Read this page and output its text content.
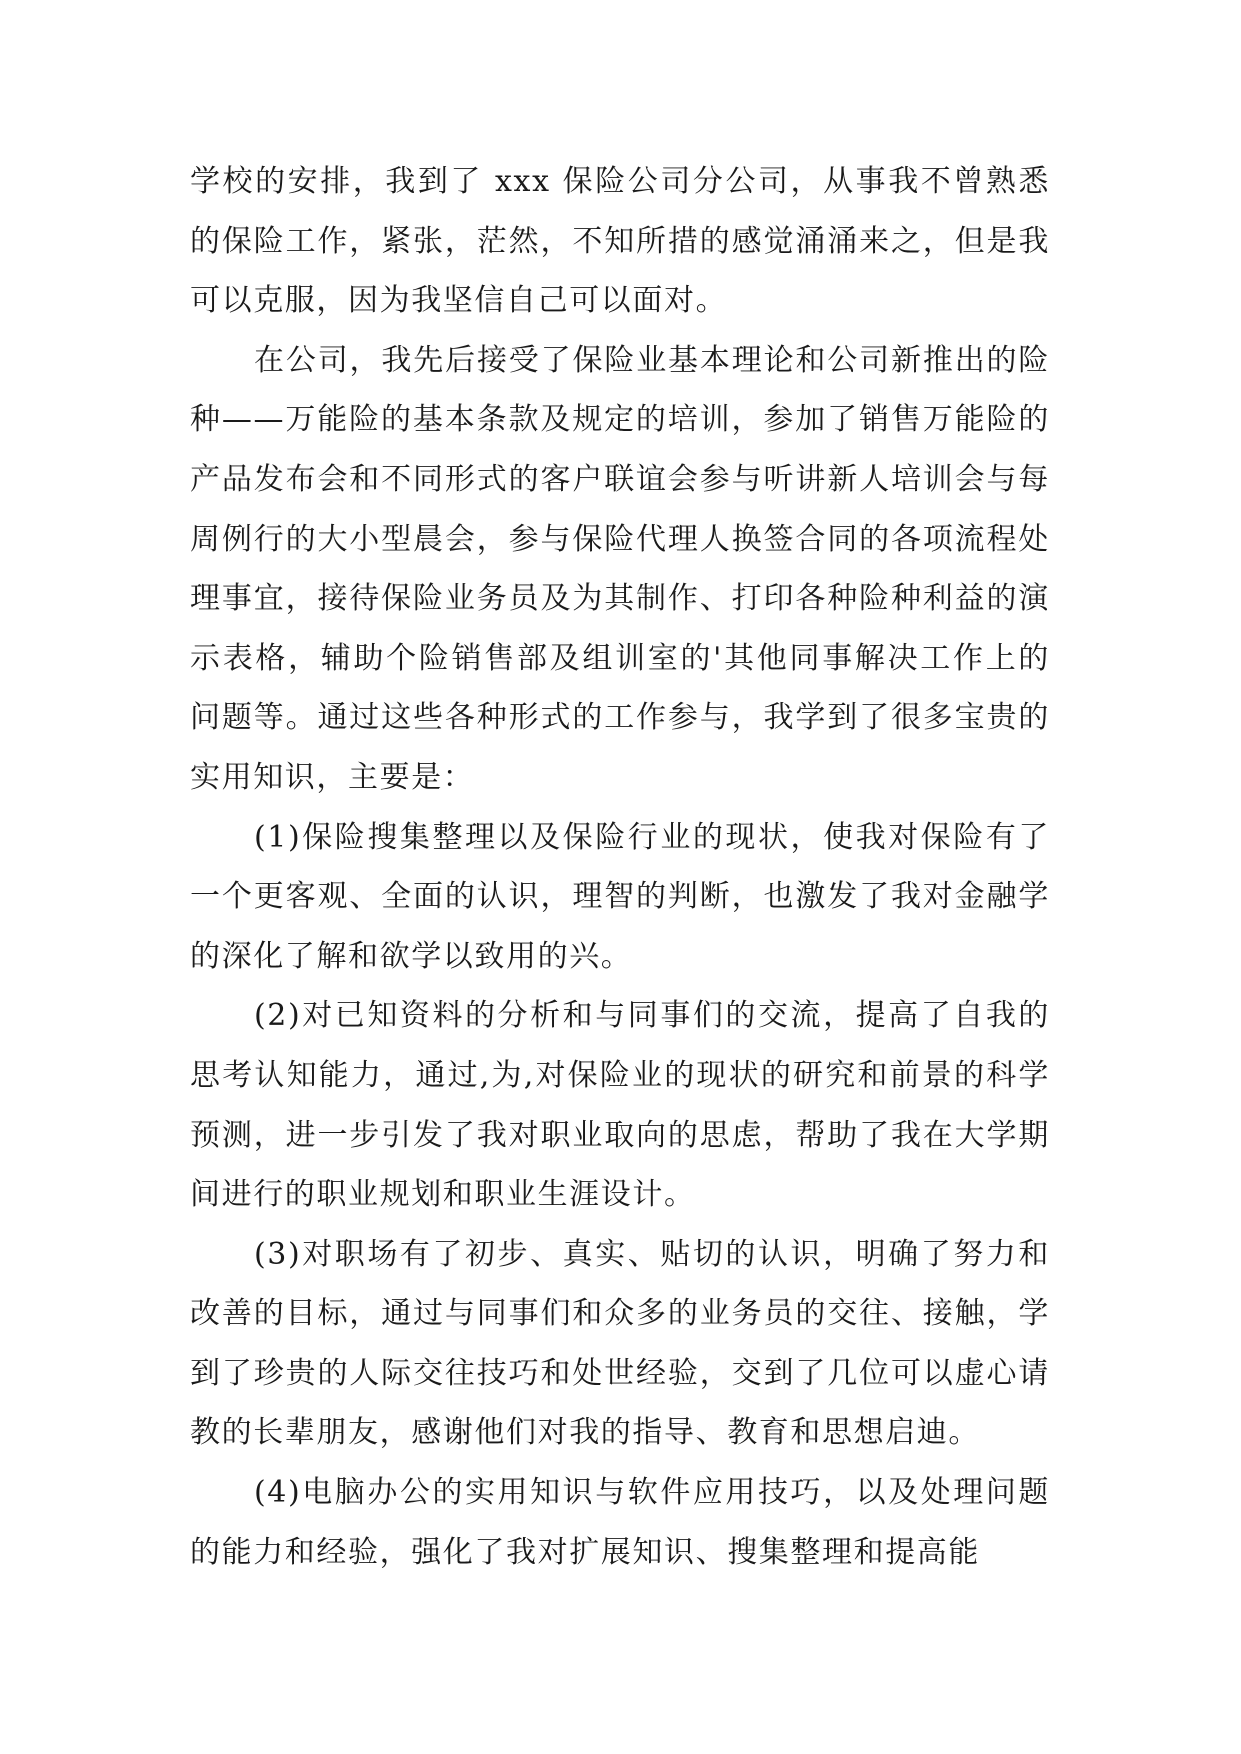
学校的安排，我到了 xxx 保险公司分公司，从事我不曾熟悉的保险工作，紧张，茫然，不知所措的感觉涌涌来之，但是我可以克服，因为我坚信自己可以面对。

在公司，我先后接受了保险业基本理论和公司新推出的险种——万能险的基本条款及规定的培训，参加了销售万能险的产品发布会和不同形式的客户联谊会参与听讲新人培训会与每周例行的大小型晨会，参与保险代理人换签合同的各项流程处理事宜，接待保险业务员及为其制作、打印各种险种利益的演示表格，辅助个险销售部及组训室的'其他同事解决工作上的问题等。通过这些各种形式的工作参与，我学到了很多宝贵的实用知识，主要是：

(1)保险搜集整理以及保险行业的现状，使我对保险有了一个更客观、全面的认识，理智的判断，也激发了我对金融学的深化了解和欲学以致用的兴。

(2)对已知资料的分析和与同事们的交流，提高了自我的思考认知能力，通过,为,对保险业的现状的研究和前景的科学预测，进一步引发了我对职业取向的思虑，帮助了我在大学期间进行的职业规划和职业生涯设计。

(3)对职场有了初步、真实、贴切的认识，明确了努力和改善的目标，通过与同事们和众多的业务员的交往、接触，学到了珍贵的人际交往技巧和处世经验，交到了几位可以虚心请教的长辈朋友，感谢他们对我的指导、教育和思想启迪。

(4)电脑办公的实用知识与软件应用技巧，以及处理问题的能力和经验，强化了我对扩展知识、搜集整理和提高能
